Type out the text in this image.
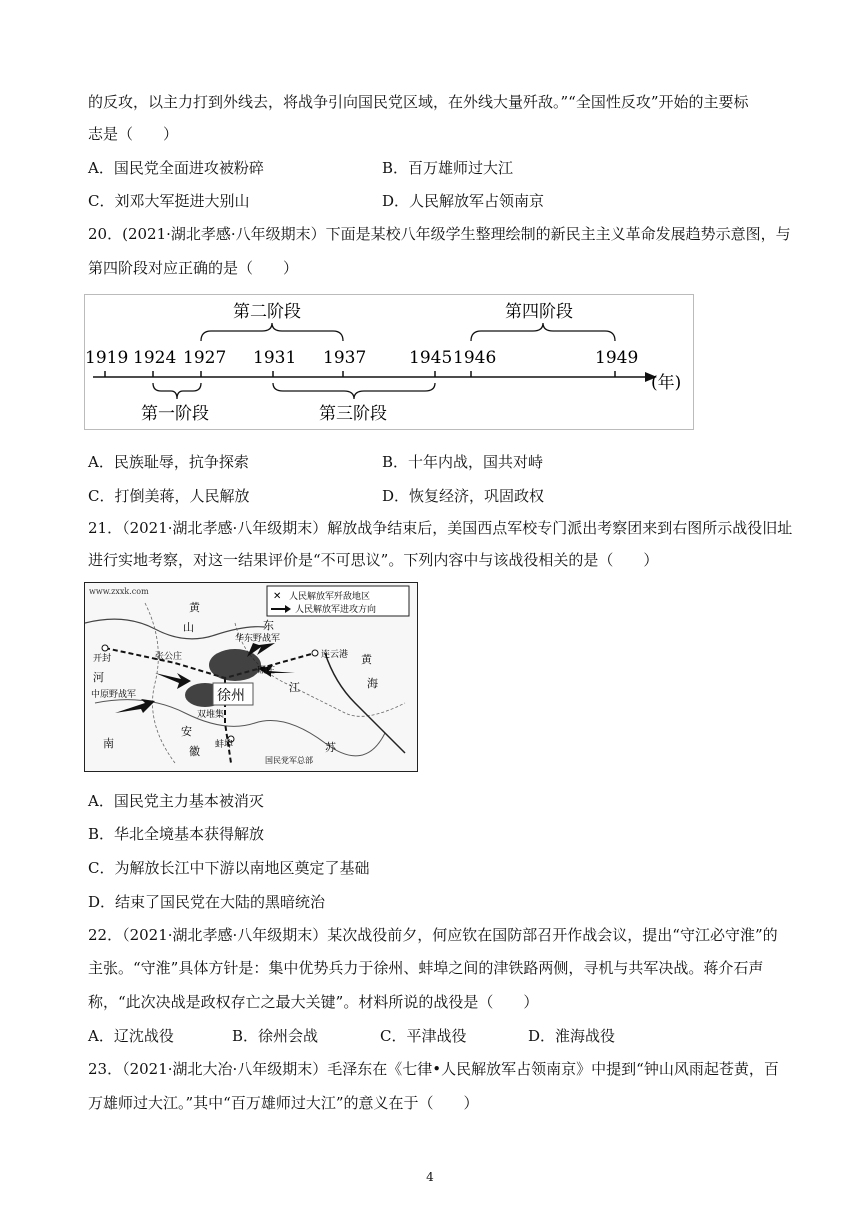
的反攻，以主力打到外线去，将战争引向国民党区域，在外线大量歼敌。”“全国性反攻”开始的主要标
志是（　　）
A．国民党全面进攻被粉碎	B．百万雄师过大江
C．刘邓大军挺进大别山	D．人民解放军占领南京
20．(2021·湖北孝感·八年级期末）下面是某校八年级学生整理绘制的新民主主义革命发展趋势示意图，与
第四阶段对应正确的是（　　）
1919 1924 1927 1931 1937	1945 1946	1949
(年)
第二阶段	第四阶段
第一阶段	第三阶段
A．民族耻辱，抗争探索	B．十年内战，国共对峙
C．打倒美蒋，人民解放	D．恢复经济，巩固政权
21．（2021·湖北孝感·八年级期末）解放战争结束后，美国西点军校专门派出考察团来到右图所示战役旧址
进行实地考察，对这一结果评价是“不可思议”。下列内容中与该战役相关的是（　　）
www.zxxk.com	✕ 人民解放军歼敌地区
人民解放军进攻方向
黄
山	东
华东野战军
开封	张公庄
碾庄
连云港 黄
海
河
中原野战军
双堆集
安
徽 蚌埠
江
苏
南
国民党军总部
徐州
A．国民党主力基本被消灭
B．华北全境基本获得解放
C．为解放长江中下游以南地区奠定了基础
D．结束了国民党在大陆的黑暗统治
22．（2021·湖北孝感·八年级期末）某次战役前夕，何应钦在国防部召开作战会议，提出“守江必守淮”的
主张。“守淮”具体方针是：集中优势兵力于徐州、蚌埠之间的津铁路两侧，寻机与共军决战。蒋介石声
称，“此次决战是政权存亡之最大关键”。材料所说的战役是（　　）
A．辽沈战役	B．徐州会战	C．平津战役	D．淮海战役
23．（2021·湖北大冶·八年级期末）毛泽东在《七律•人民解放军占领南京》中提到“钟山风雨起苍黄，百
万雄师过大江。”其中“百万雄师过大江”的意义在于（　　）
4
